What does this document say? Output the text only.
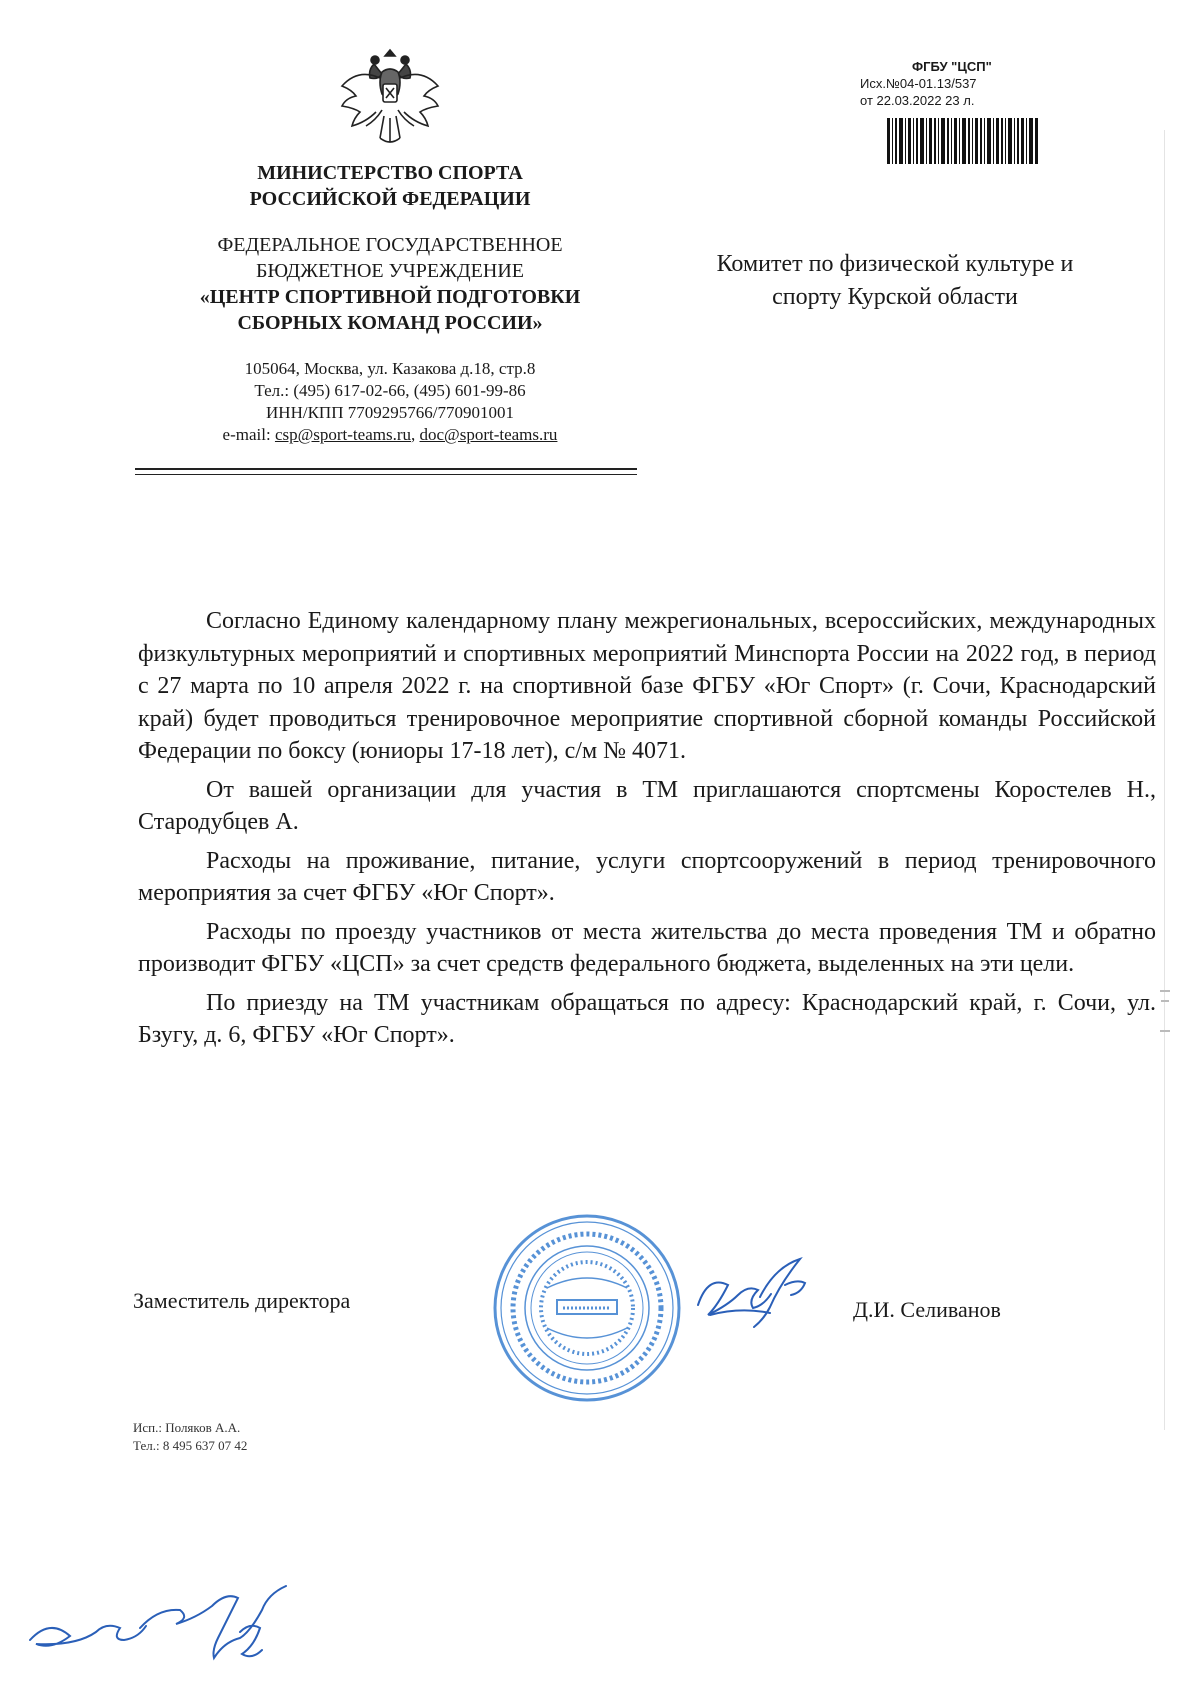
МИНИСТЕРСТВО СПОРТА
РОССИЙСКОЙ ФЕДЕРАЦИИ
ФЕДЕРАЛЬНОЕ ГОСУДАРСТВЕННОЕ
БЮДЖЕТНОЕ УЧРЕЖДЕНИЕ
«ЦЕНТР СПОРТИВНОЙ ПОДГОТОВКИ
СБОРНЫХ КОМАНД РОССИИ»
105064, Москва, ул. Казакова д.18, стр.8
Тел.: (495) 617-02-66, (495) 601-99-86
ИНН/КПП 7709295766/770901001
e-mail: csp@sport-teams.ru, doc@sport-teams.ru
ФГБУ "ЦСП"
Исх.№04-01.13/537
от 22.03.2022 23 л.
Комитет по физической культуре и
спорту Курской области

Согласно Единому календарному плану межрегиональных, всероссийских, международных физкультурных мероприятий и спортивных мероприятий Минспорта России на 2022 год, в период с 27 марта по 10 апреля 2022 г. на спортивной базе ФГБУ «Юг Спорт» (г. Сочи, Краснодарский край) будет проводиться тренировочное мероприятие спортивной сборной команды Российской Федерации по боксу (юниоры 17-18 лет), с/м № 4071.

От вашей организации для участия в ТМ приглашаются спортсмены Коростелев Н., Стародубцев А.

Расходы на проживание, питание, услуги спортсооружений в период тренировочного мероприятия за счет ФГБУ «Юг Спорт».

Расходы по проезду участников от места жительства до места проведения ТМ и обратно производит ФГБУ «ЦСП» за счет средств федерального бюджета, выделенных на эти цели.

По приезду на ТМ участникам обращаться по адресу: Краснодарский край, г. Сочи, ул. Бзугу, д. 6, ФГБУ «Юг Спорт».

Заместитель директора	Д.И. Селиванов
Исп.: Поляков А.А.
Тел.: 8 495 637 07 42
